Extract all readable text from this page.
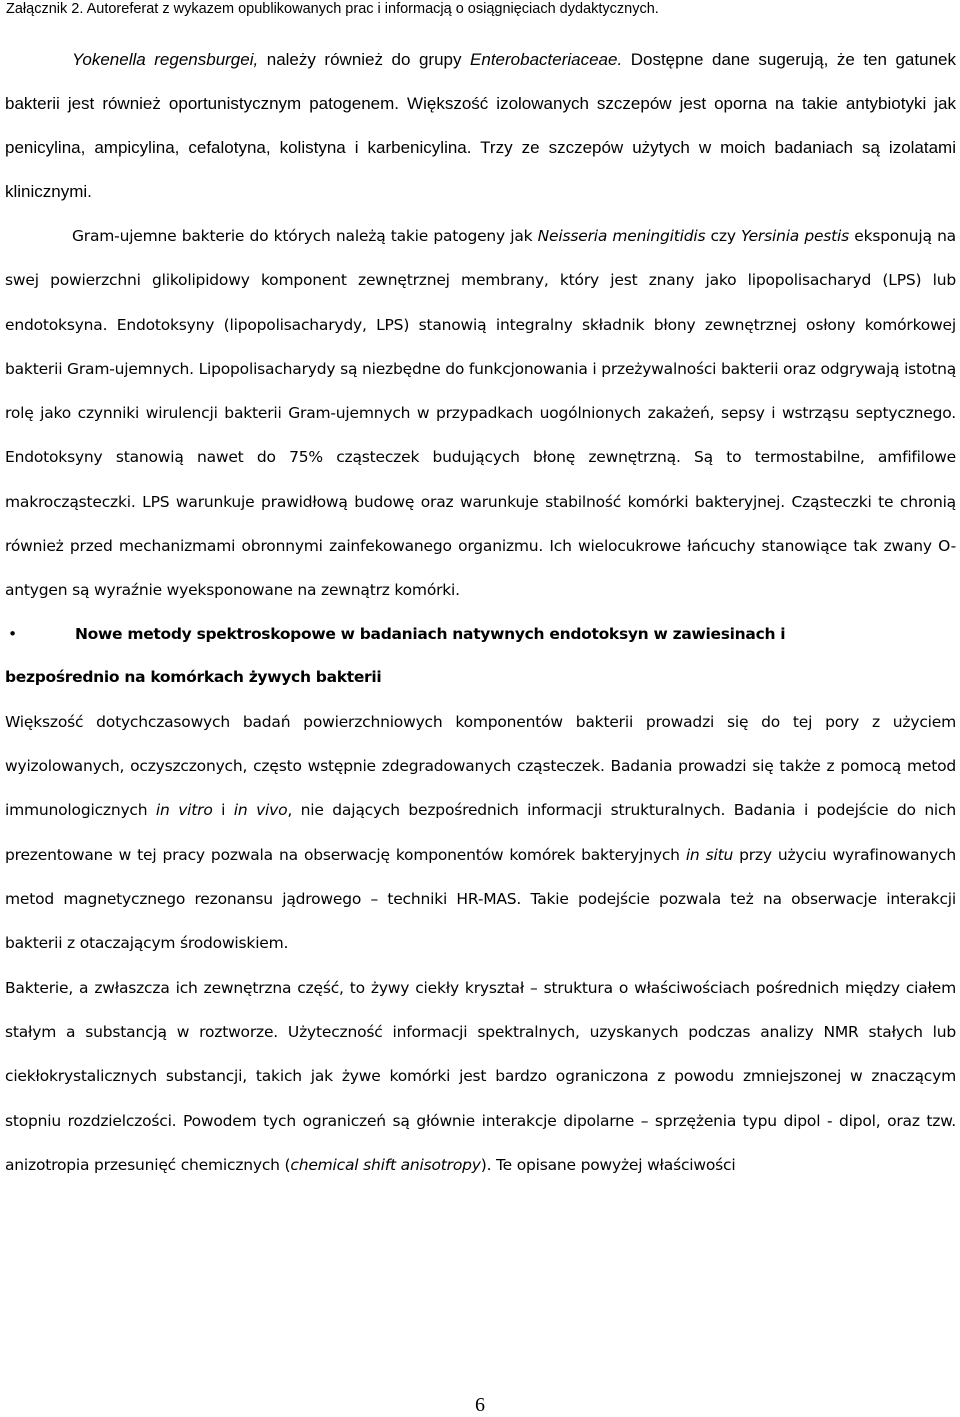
Załącznik 2. Autoreferat z wykazem opublikowanych prac i informacją o osiągnięciach dydaktycznych.

Yokenella regensburgei, należy również do grupy Enterobacteriaceae. Dostępne dane sugerują, że ten gatunek bakterii jest również oportunistycznym patogenem. Większość izolowanych szczepów jest oporna na takie antybiotyki jak penicylina, ampicylina, cefalotyna, kolistyna i karbenicylina. Trzy ze szczepów użytych w moich badaniach są izolatami klinicznymi.

Gram-ujemne bakterie do których należą takie patogeny jak Neisseria meningitidis czy Yersinia pestis eksponują na swej powierzchni glikolipidowy komponent zewnętrznej membrany, który jest znany jako lipopolisacharyd (LPS) lub endotoksyna. Endotoksyny (lipopolisacharydy, LPS) stanowią integralny składnik błony zewnętrznej osłony komórkowej bakterii Gram-ujemnych. Lipopolisacharydy są niezbędne do funkcjonowania i przeżywalności bakterii oraz odgrywają istotną rolę jako czynniki wirulencji bakterii Gram-ujemnych w przypadkach uogólnionych zakażeń, sepsy i wstrząsu septycznego. Endotoksyny stanowią nawet do 75% cząsteczek budujących błonę zewnętrzną. Są to termostabilne, amfifilowe makrocząsteczki. LPS warunkuje prawidłową budowę oraz warunkuje stabilność komórki bakteryjnej. Cząsteczki te chronią również przed mechanizmami obronnymi zainfekowanego organizmu. Ich wielocukrowe łańcuchy stanowiące tak zwany O-antygen są wyraźnie wyeksponowane na zewnątrz komórki.

•	Nowe metody spektroskopowe w badaniach natywnych endotoksyn w zawiesinach i
bezpośrednio na komórkach żywych bakterii

Większość dotychczasowych badań powierzchniowych komponentów bakterii prowadzi się do tej pory z użyciem wyizolowanych, oczyszczonych, często wstępnie zdegradowanych cząsteczek. Badania prowadzi się także z pomocą metod immunologicznych in vitro i in vivo, nie dających bezpośrednich informacji strukturalnych. Badania i podejście do nich prezentowane w tej pracy pozwala na obserwację komponentów komórek bakteryjnych in situ przy użyciu wyrafinowanych metod magnetycznego rezonansu jądrowego – techniki HR-MAS. Takie podejście pozwala też na obserwacje interakcji bakterii z otaczającym środowiskiem.

Bakterie, a zwłaszcza ich zewnętrzna część, to żywy ciekły kryształ – struktura o właściwościach pośrednich między ciałem stałym a substancją w roztworze. Użyteczność informacji spektralnych, uzyskanych podczas analizy NMR stałych lub ciekłokrystalicznych substancji, takich jak żywe komórki jest bardzo ograniczona z powodu zmniejszonej w znaczącym stopniu rozdzielczości. Powodem tych ograniczeń są głównie interakcje dipolarne – sprzężenia typu dipol - dipol, oraz tzw. anizotropia przesunięć chemicznych (chemical shift anisotropy). Te opisane powyżej właściwości

6
